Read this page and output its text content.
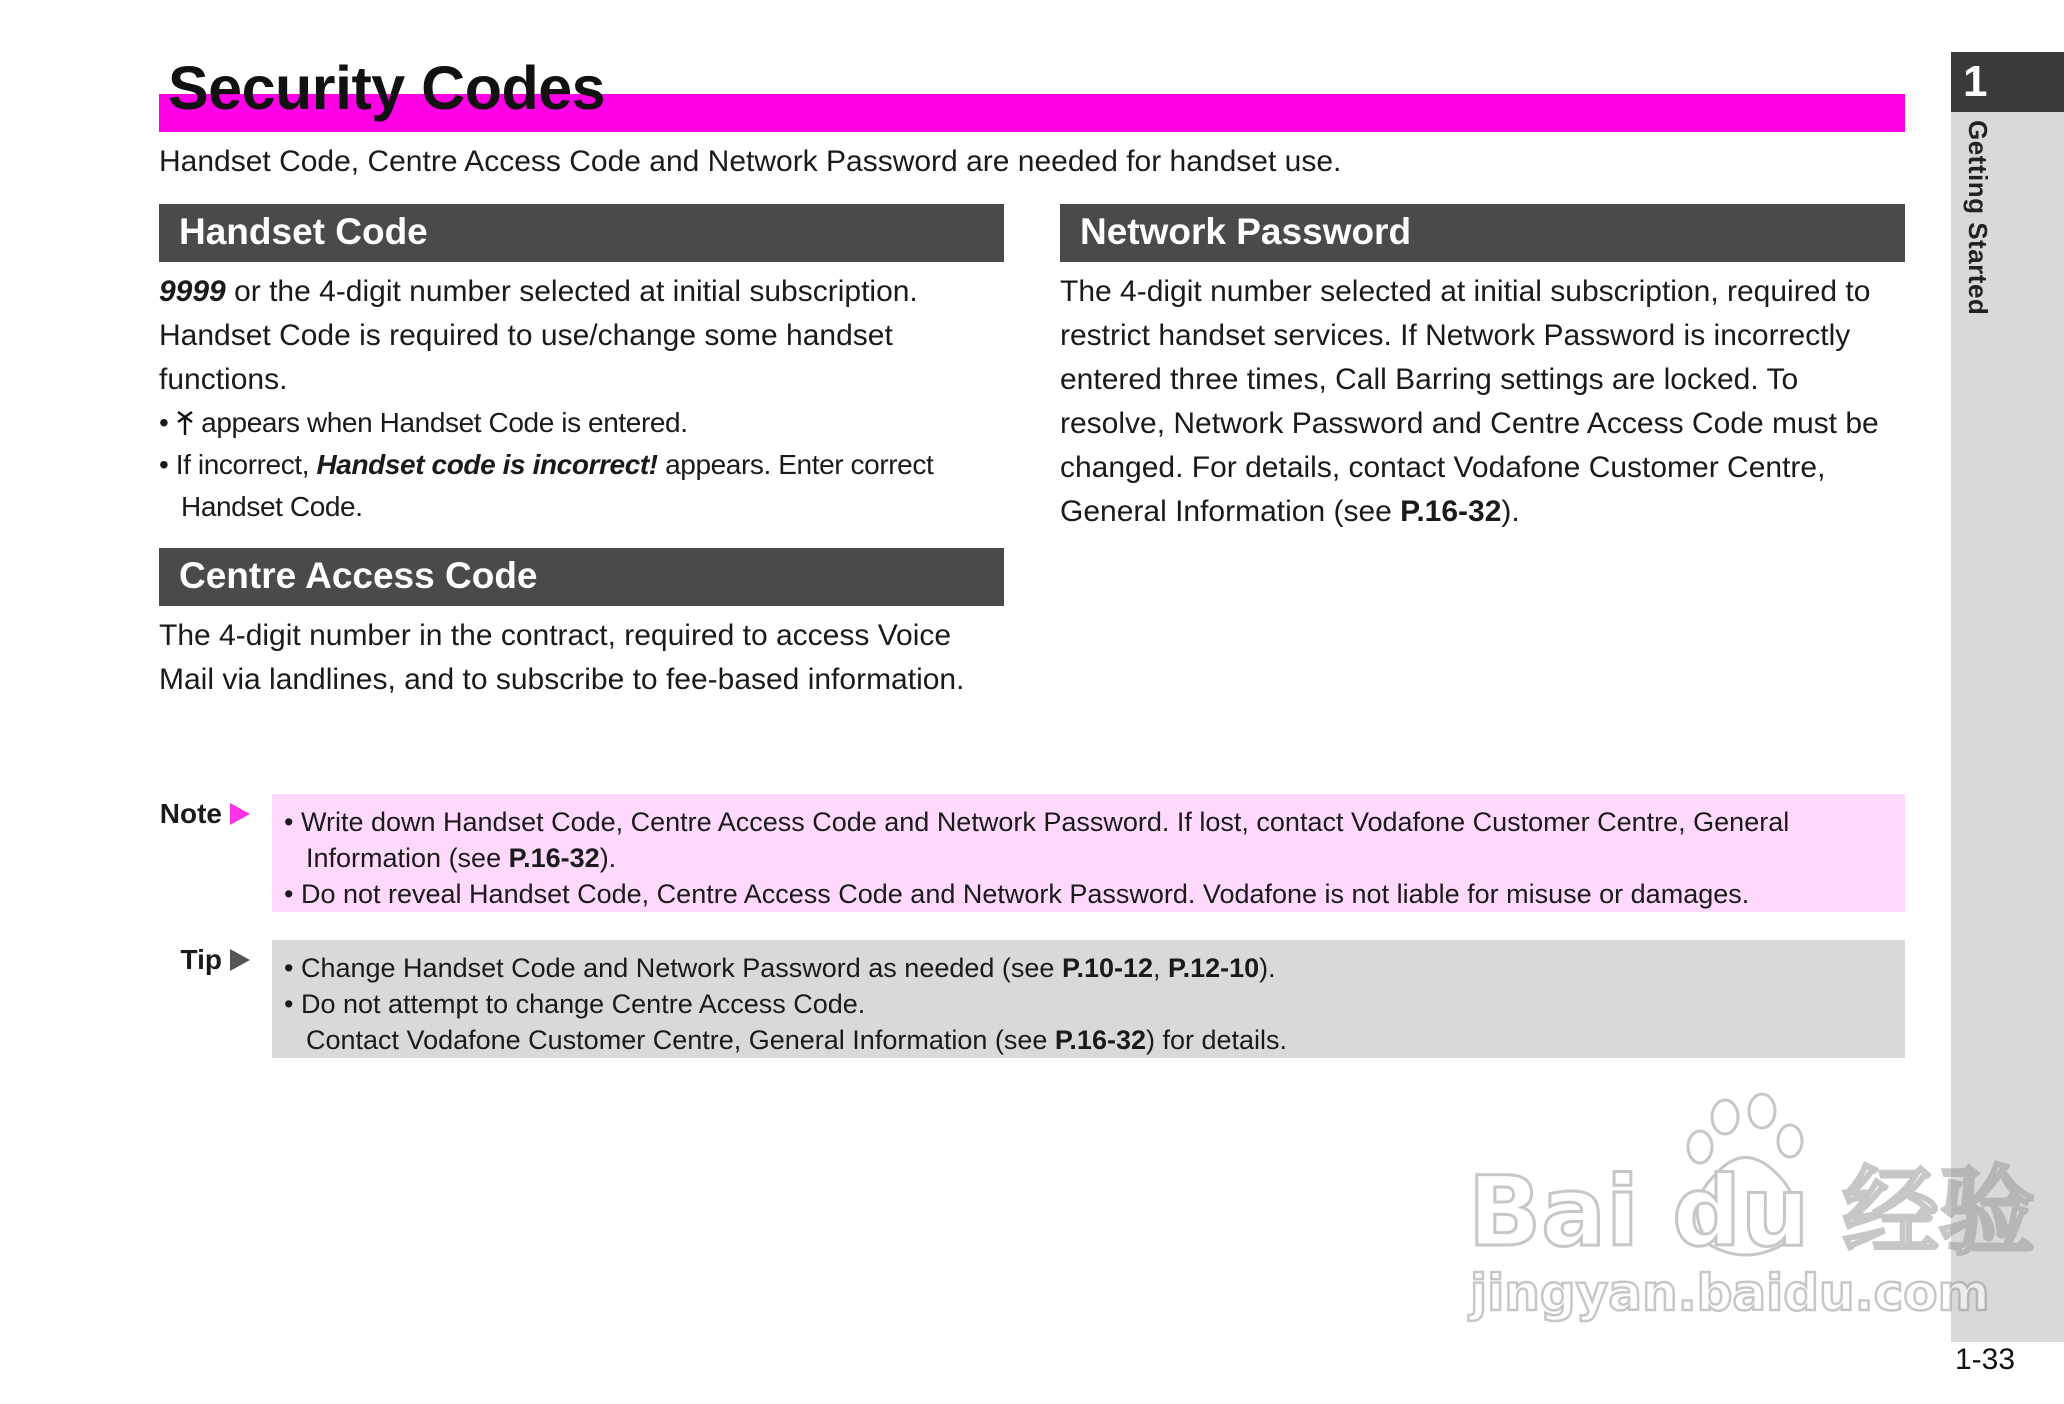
Security Codes

Handset Code, Centre Access Code and Network Password are needed for handset use.

Handset Code

9999 or the 4-digit number selected at initial subscription.

Handset Code is required to use/change some handset functions.

•  appears when Handset Code is entered.
• If incorrect, Handset code is incorrect! appears. Enter correct Handset Code.
Centre Access Code

The 4-digit number in the contract, required to access Voice Mail via landlines, and to subscribe to fee-based information.

Network Password

The 4-digit number selected at initial subscription, required to restrict handset services. If Network Password is incorrectly entered three times, Call Barring settings are locked. To resolve, Network Password and Centre Access Code must be changed. For details, contact Vodafone Customer Centre, General Information (see P.16-32).

Note	• Write down Handset Code, Centre Access Code and Network Password. If lost, contact Vodafone Customer Centre, General Information (see P.16-32).
• Do not reveal Handset Code, Centre Access Code and Network Password. Vodafone is not liable for misuse or damages.
Tip	• Change Handset Code and Network Password as needed (see P.10-12, P.12-10).
• Do not attempt to change Centre Access Code.
Contact Vodafone Customer Centre, General Information (see P.16-32) for details.
1
Getting Started
1-33
Bai du 经验
jingyan.baidu.com
